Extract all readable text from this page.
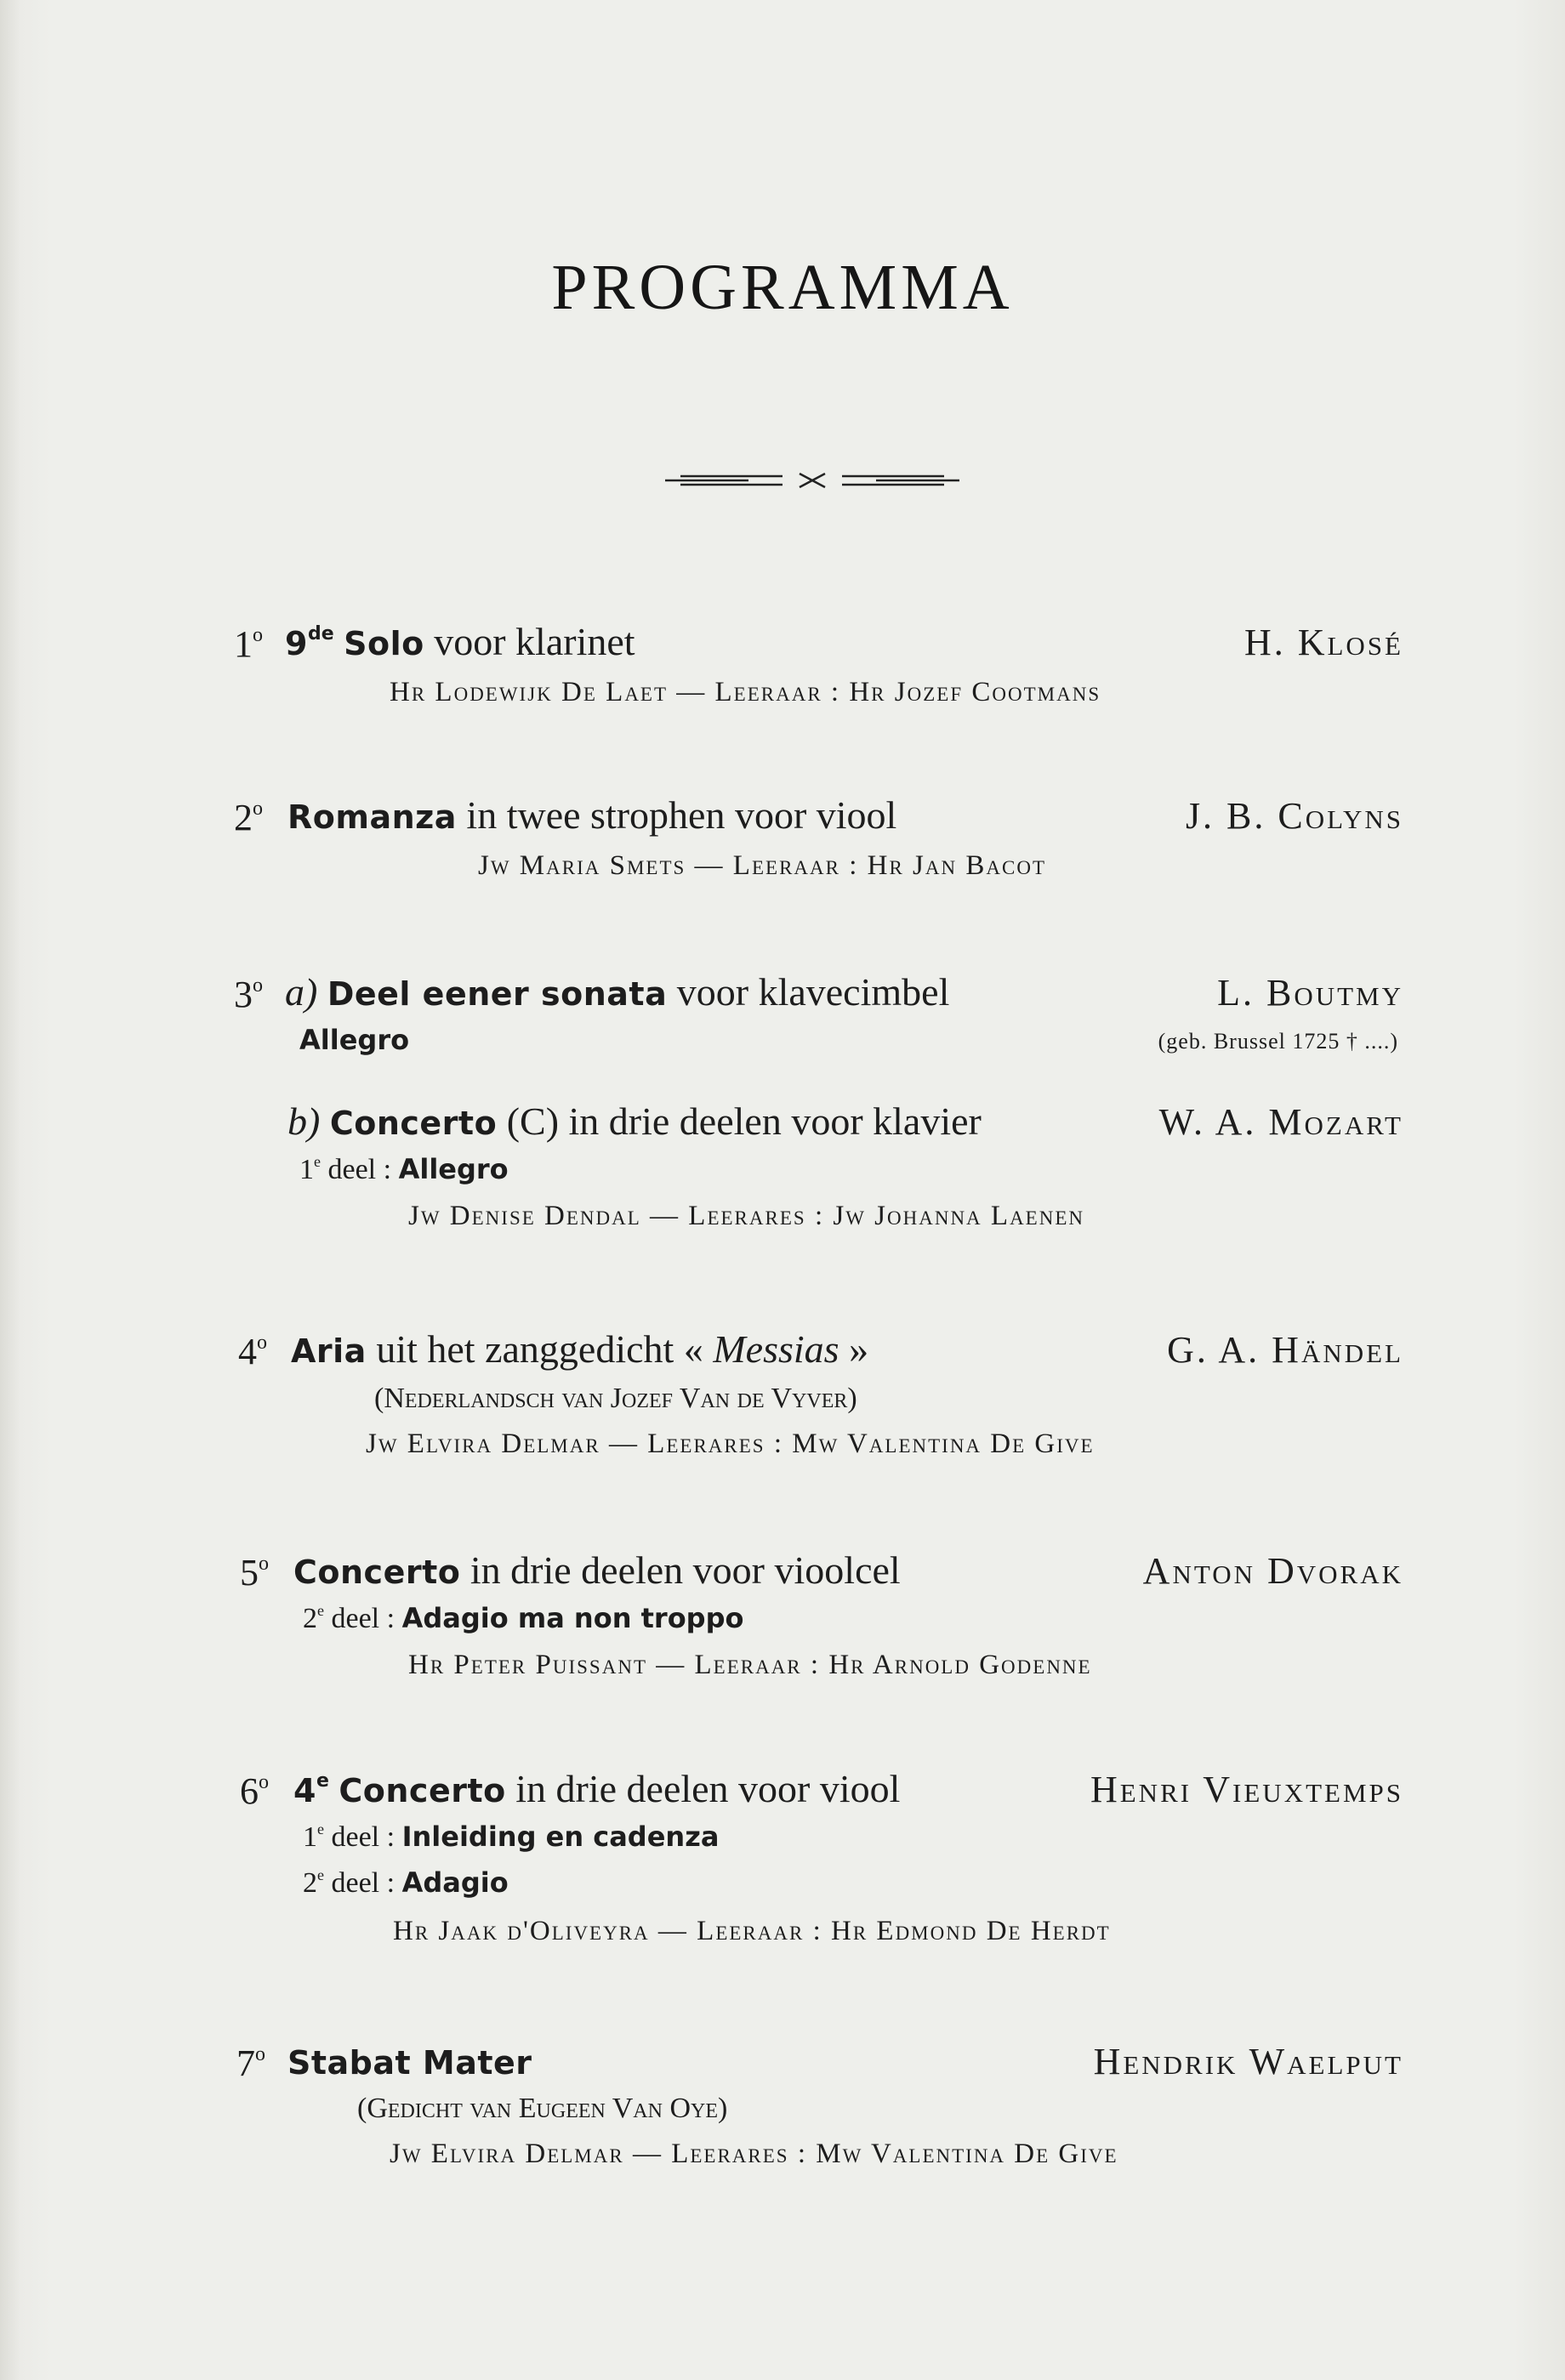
PROGRAMMA
1$^o$ 9de Solo voor klarinet	H. Klosé
Hr Lodewijk De Laet — Leeraar : Hr Jozef Cootmans
2$^o$ Romanza in twee strophen voor viool	J. B. Colyns
Jw Maria Smets — Leeraar : Hr Jan Bacot
3$^o$ a) Deel eener sonata voor klavecimbel	L. Boutmy
Allegro	(geb. Brussel 1725 † ....)
b) Concerto (C) in drie deelen voor klavier	W. A. Mozart
1e deel : Allegro
Jw Denise Dendal — Leerares : Jw Johanna Laenen
4$^o$ Aria uit het zanggedicht « Messias »	G. A. Händel
(Nederlandsch van Jozef Van de Vyver)
Jw Elvira Delmar — Leerares : Mw Valentina De Give
5$^o$ Concerto in drie deelen voor vioolcel	Anton Dvorak
2e deel : Adagio ma non troppo
Hr Peter Puissant — Leeraar : Hr Arnold Godenne
6$^o$ 4e Concerto in drie deelen voor viool	Henri Vieuxtemps
1e deel : Inleiding en cadenza
2e deel : Adagio
Hr Jaak d'Oliveyra — Leeraar : Hr Edmond De Herdt
7$^o$ Stabat Mater	Hendrik Waelput
(Gedicht van Eugeen Van Oye)
Jw Elvira Delmar — Leerares : Mw Valentina De Give
